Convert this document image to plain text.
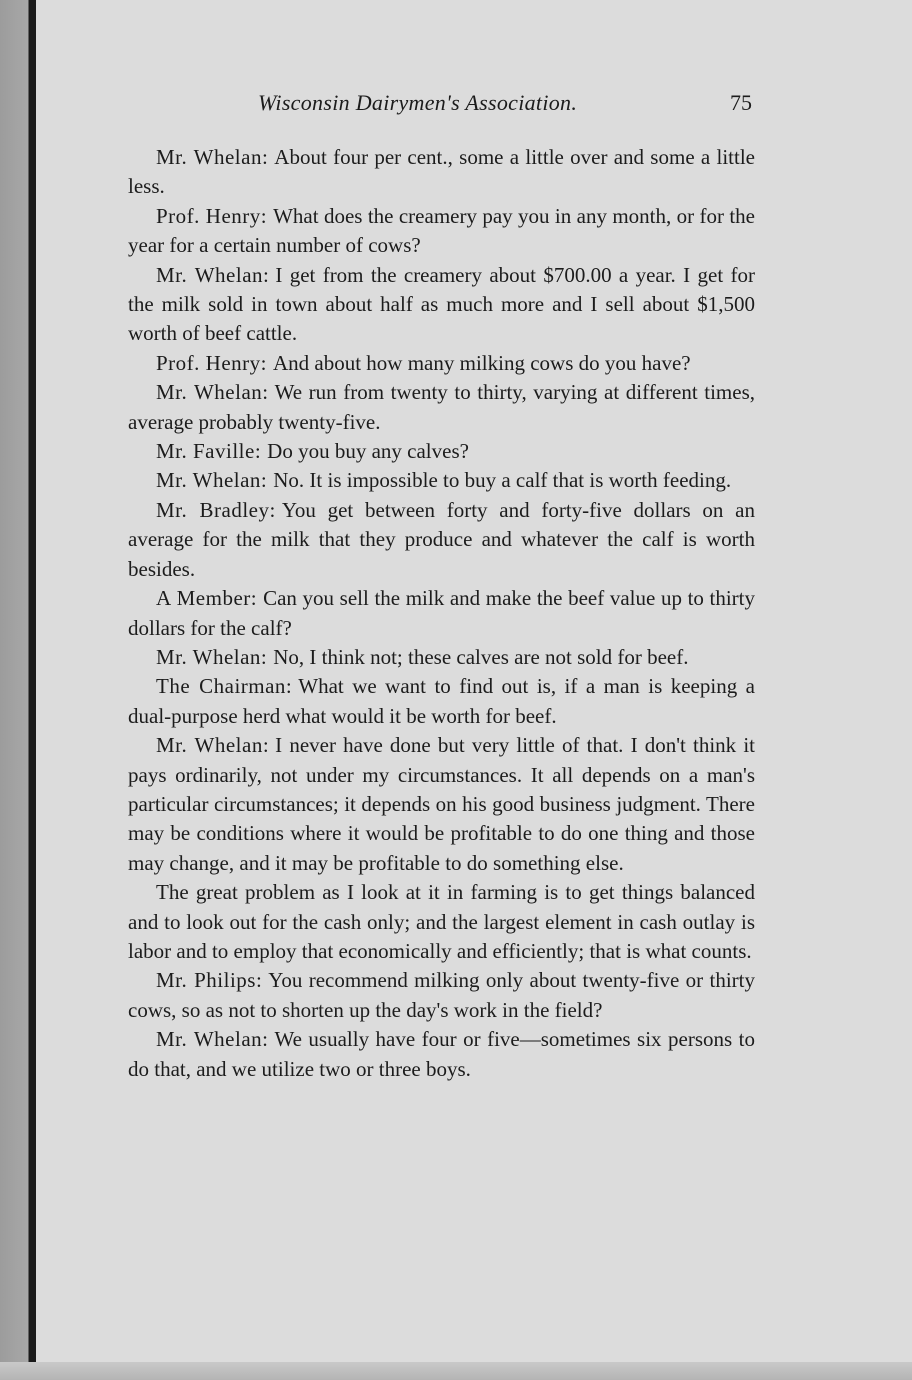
Wisconsin Dairymen's Association.	75

Mr. Whelan: About four per cent., some a little over and some a little less.

Prof. Henry: What does the creamery pay you in any month, or for the year for a certain number of cows?

Mr. Whelan: I get from the creamery about $700.00 a year. I get for the milk sold in town about half as much more and I sell about $1,500 worth of beef cattle.

Prof. Henry: And about how many milking cows do you have?

Mr. Whelan: We run from twenty to thirty, varying at different times, average probably twenty-five.

Mr. Faville: Do you buy any calves?

Mr. Whelan: No. It is impossible to buy a calf that is worth feeding.

Mr. Bradley: You get between forty and forty-five dollars on an average for the milk that they produce and whatever the calf is worth besides.

A Member: Can you sell the milk and make the beef value up to thirty dollars for the calf?

Mr. Whelan: No, I think not; these calves are not sold for beef.

The Chairman: What we want to find out is, if a man is keeping a dual-purpose herd what would it be worth for beef.

Mr. Whelan: I never have done but very little of that. I don't think it pays ordinarily, not under my circumstances. It all depends on a man's particular circumstances; it depends on his good business judgment. There may be conditions where it would be profitable to do one thing and those may change, and it may be profitable to do something else.

The great problem as I look at it in farming is to get things balanced and to look out for the cash only; and the largest element in cash outlay is labor and to employ that economically and efficiently; that is what counts.

Mr. Philips: You recommend milking only about twenty-five or thirty cows, so as not to shorten up the day's work in the field?

Mr. Whelan: We usually have four or five—sometimes six persons to do that, and we utilize two or three boys.
